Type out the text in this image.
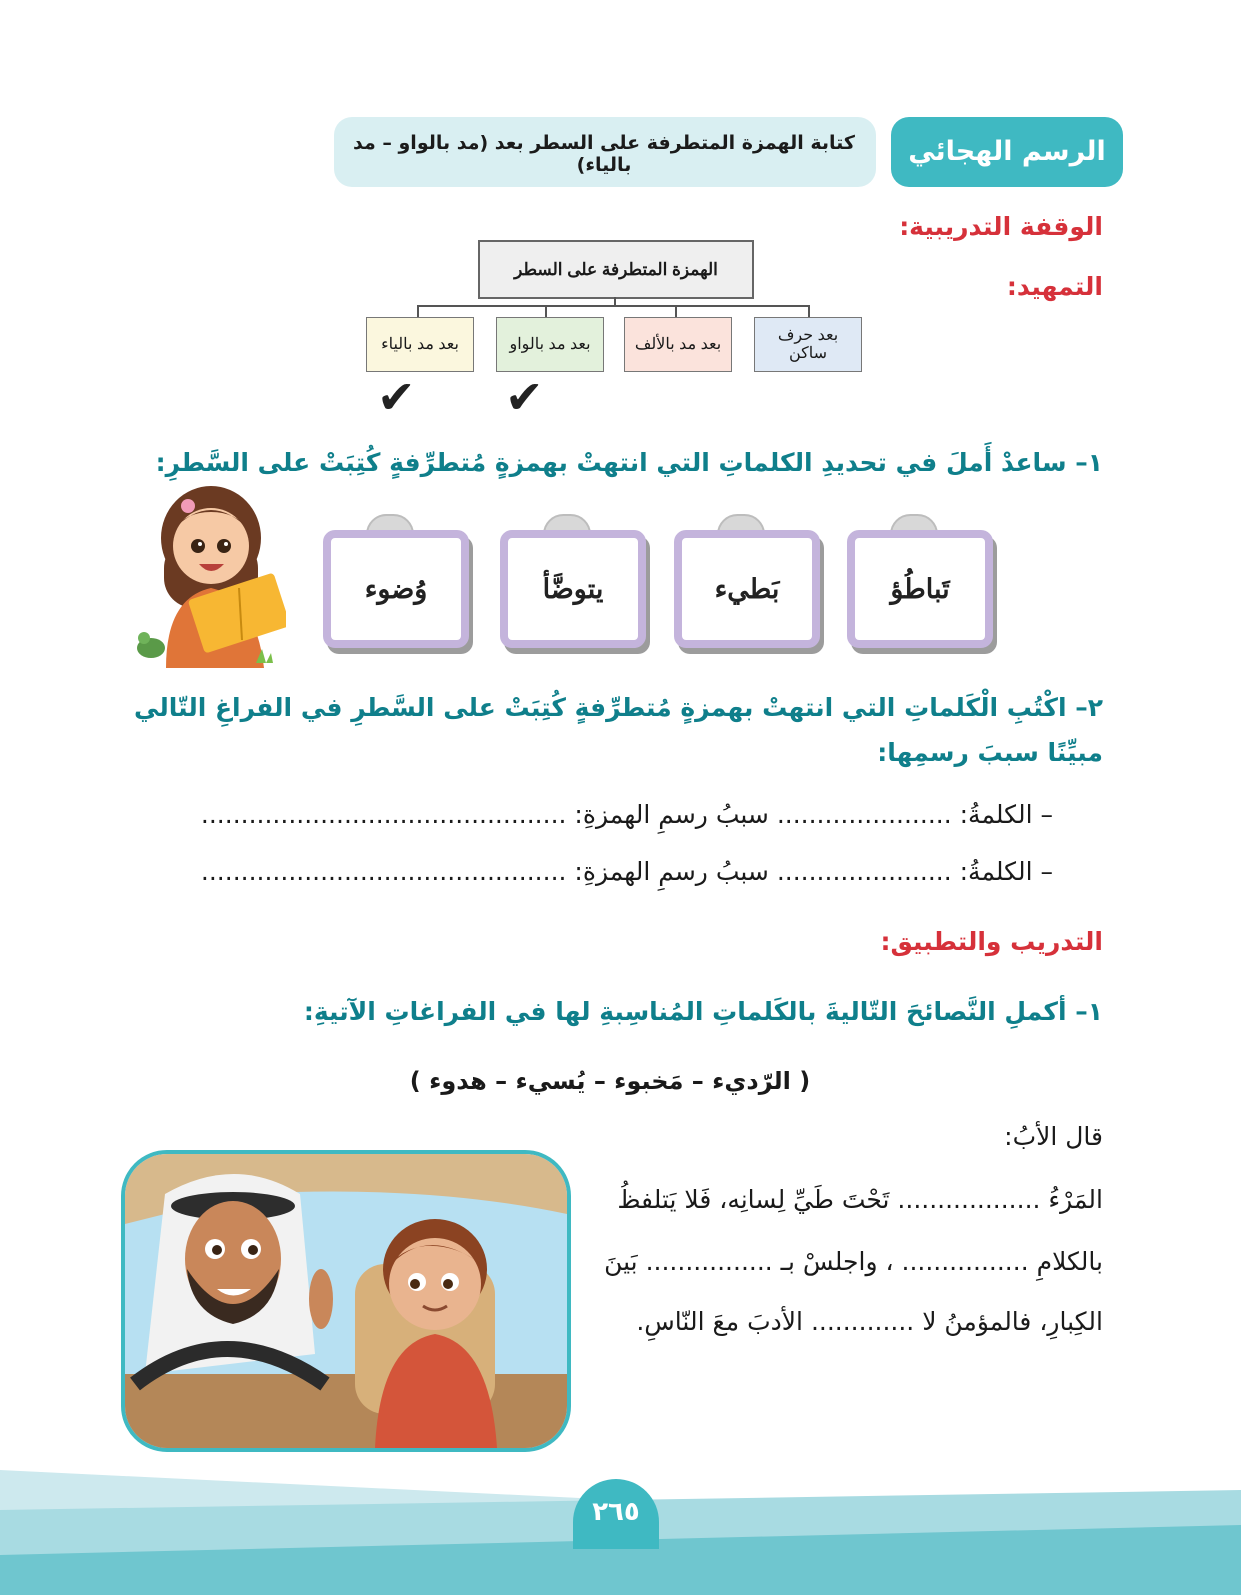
كتابة الهمزة المتطرفة على السطر بعد (مد بالواو – مد بالياء)	الرسم الهجائي
الوقفة التدريبية:
التمهيد:
الهمزة المتطرفة على السطر
بعد حرف
ساكن
بعد مد بالألف
بعد مد بالواو
بعد مد بالياء
✔
✔
١– ساعدْ أَملَ في تحديدِ الكلماتِ التي انتهتْ بهمزةٍ مُتطرِّفةٍ كُتِبَتْ على السَّطرِ:
تَباطُؤ
بَطيء
يتوضَّأ
وُضوء
٢– اكْتُبِ الْكَلماتِ التي انتهتْ بهمزةٍ مُتطرِّفةٍ كُتِبَتْ على السَّطرِ في الفراغِ التّالي
مبيِّنًا سببَ رسمِها:
– الكلمةُ: ...................... سببُ رسمِ الهمزةِ: ..............................................
– الكلمةُ: ...................... سببُ رسمِ الهمزةِ: ..............................................
التدريب والتطبيق:
١– أكملِ النَّصائحَ التّاليةَ بالكَلماتِ المُناسِبةِ لها في الفراغاتِ الآتيةِ:
( الرّديء – مَخبوء – يُسيء – هدوء )
قال الأبُ:
المَرْءُ .................. تَحْتَ طَيِّ لِسانِه، فَلا يَتلفظُ
بالكلامِ ................ ، واجلسْ بـ ................ بَينَ
الكِبارِ، فالمؤمنُ لا ............. الأدبَ معَ النّاسِ.
٢٦٥
